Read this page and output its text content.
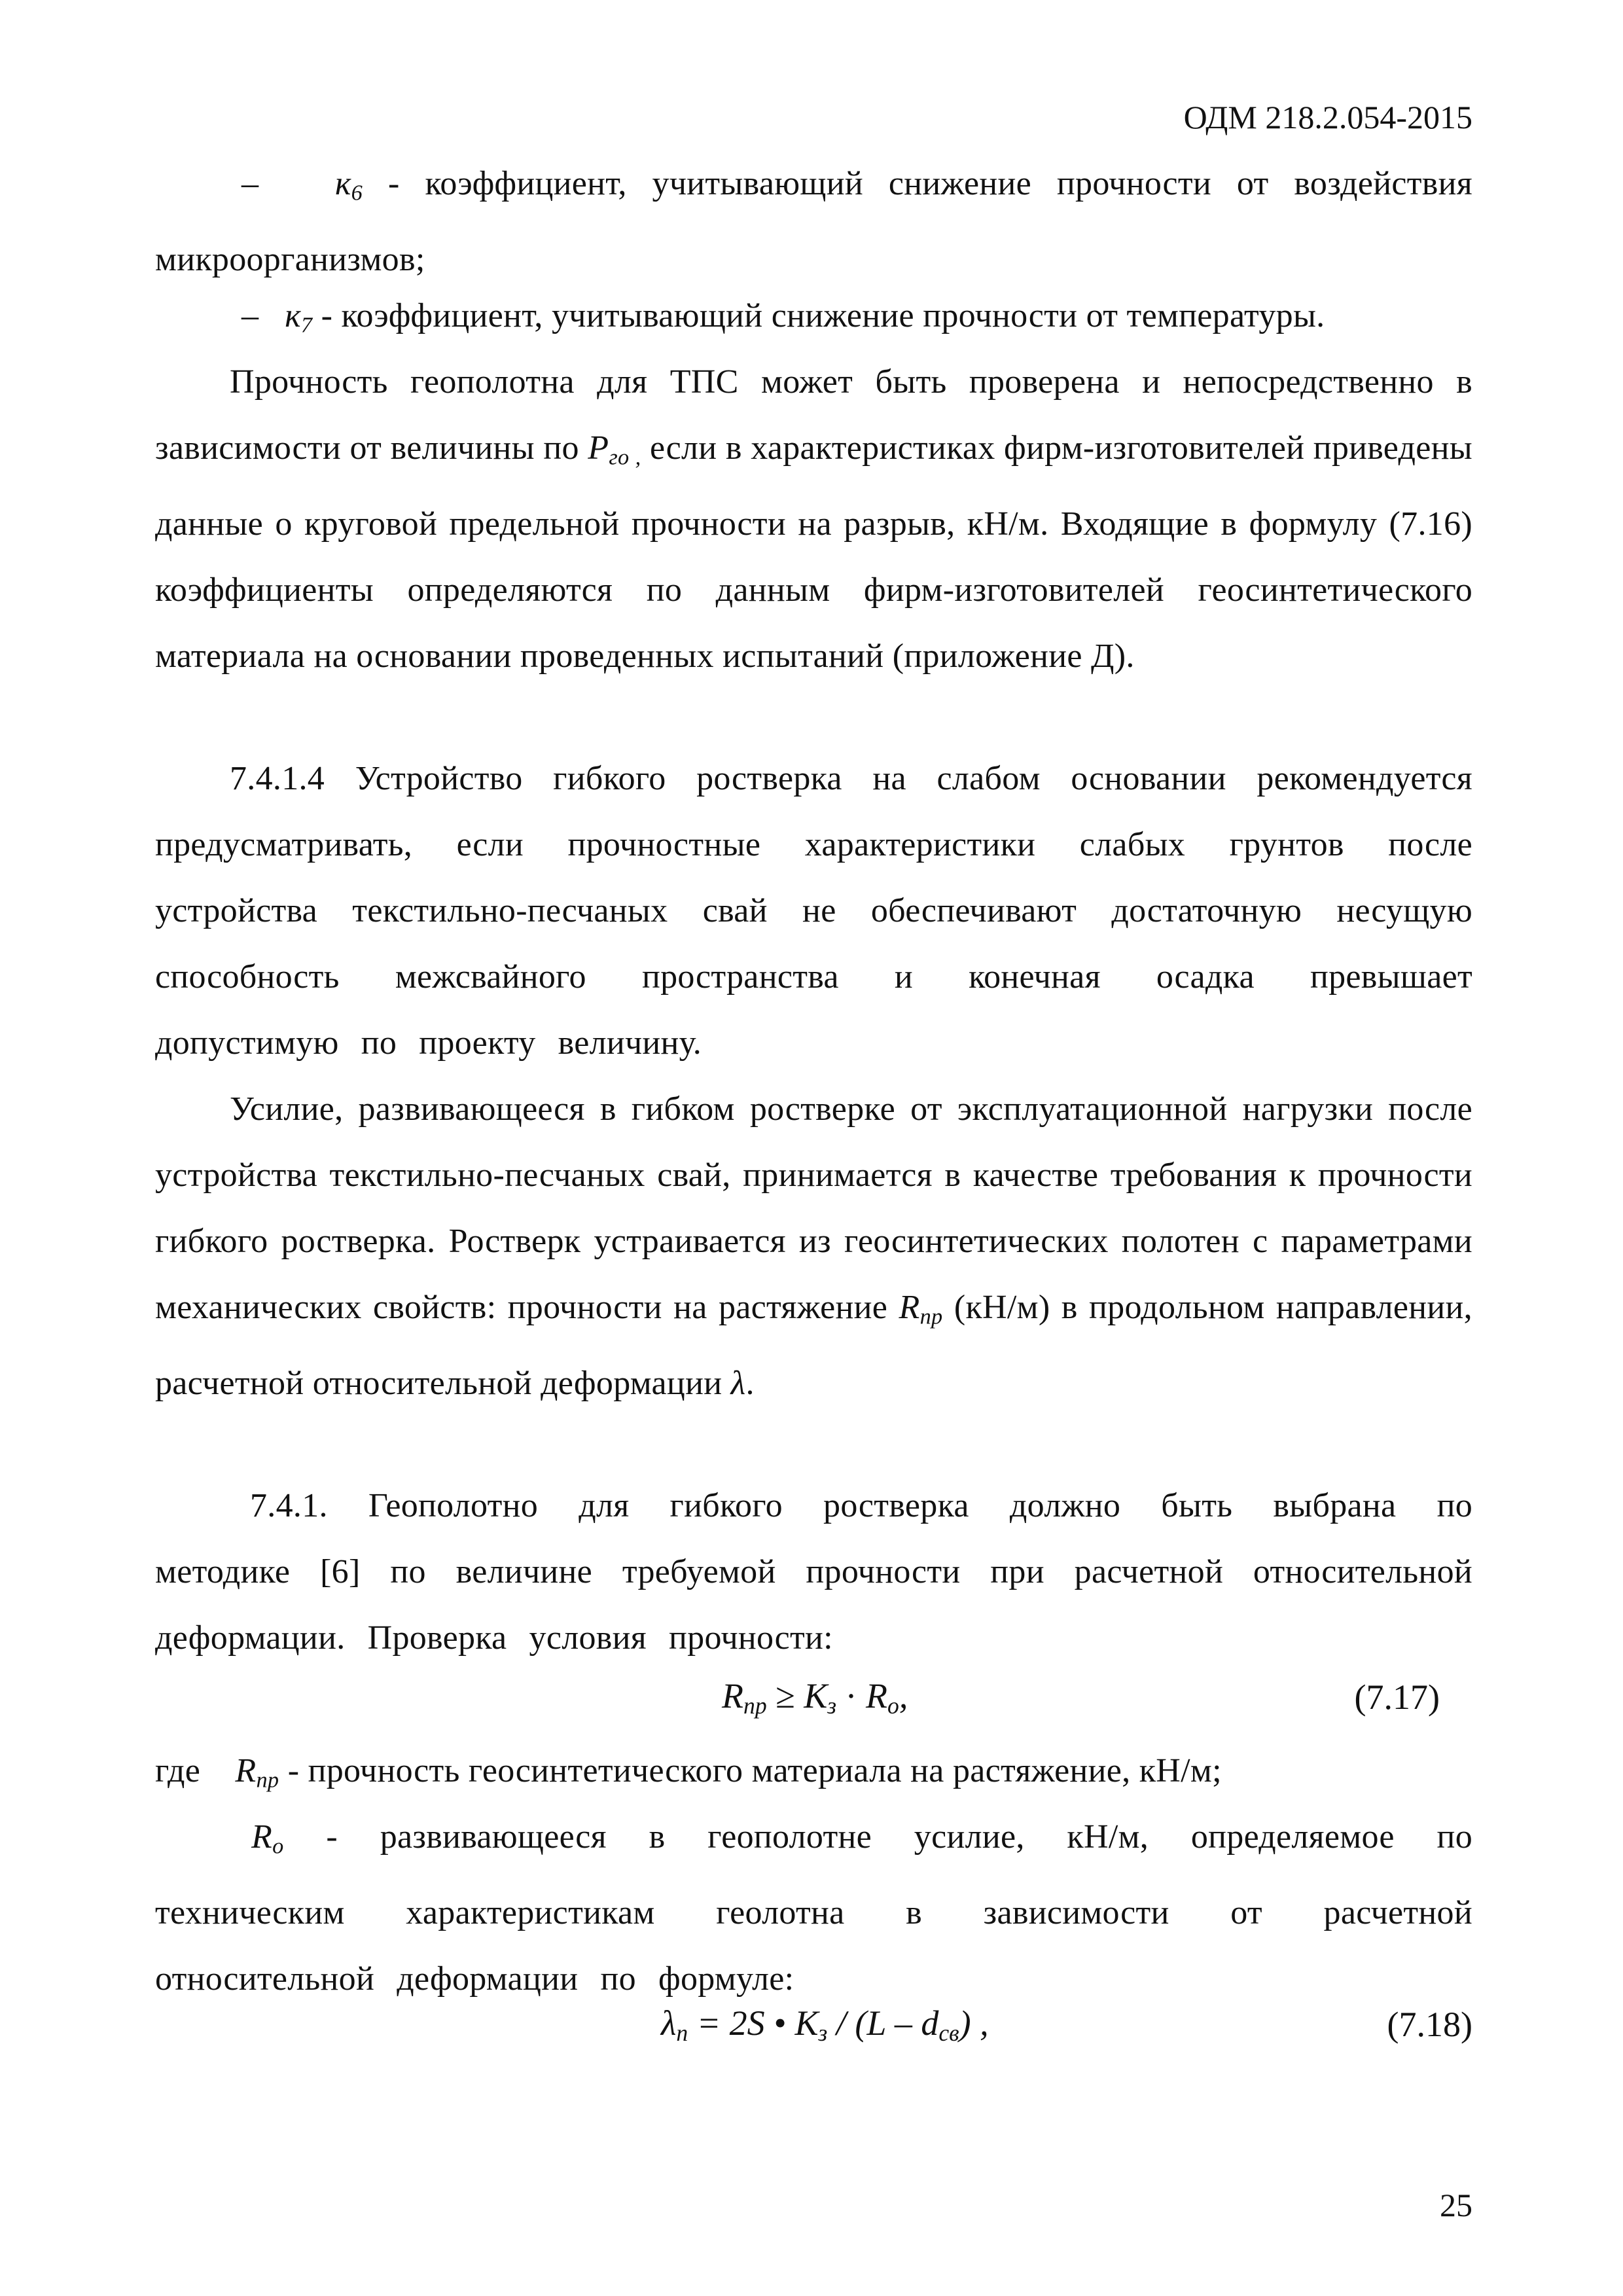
ОДМ 218.2.054-2015

– $к_6$ - коэффициент, учитывающий снижение прочности от воздействия микроорганизмов;

– $к_7$ - коэффициент, учитывающий снижение прочности от температуры.

Прочность геополотна для ТПС может быть проверена и непосредственно в зависимости от величины по $Р_{го ,}$ если в характеристиках фирм-изготовителей приведены данные о круговой предельной прочности на разрыв, кН/м. Входящие в формулу (7.16) коэффициенты определяются по данным фирм-изготовителей геосинтетического материала на основании проведенных испытаний (приложение Д).

7.4.1.4 Устройство гибкого ростверка на слабом основании рекомендуется предусматривать, если прочностные характеристики слабых грунтов после устройства текстильно-песчаных свай не обеспечивают достаточную несущую способность межсвайного пространства и конечная осадка превышает допустимую по проекту величину.

Усилие, развивающееся в гибком ростверке от эксплуатационной нагрузки после устройства текстильно-песчаных свай, принимается в качестве требования к прочности гибкого ростверка. Ростверк устраивается из геосинтетических полотен с параметрами механических свойств: прочности на растяжение $R_{пр}$ (кН/м) в продольном направлении, расчетной относительной деформации λ.

7.4.1. Геополотно для гибкого ростверка должно быть выбрана по методике [6] по величине требуемой прочности при расчетной относительной деформации. Проверка условия прочности:

$R_{пр} \ge К_з \cdot R_о$,	(7.17)

где $R_{пр}$ - прочность геосинтетического материала на растяжение, кН/м;

$R_о$ - развивающееся в геополотне усилие, кН/м, определяемое по техническим характеристикам геолотна в зависимости от расчетной относительной деформации по формуле:

$\lambda_п = 2S$ • $К_з / (L - d_{св})$ ,	(7.18)
25
